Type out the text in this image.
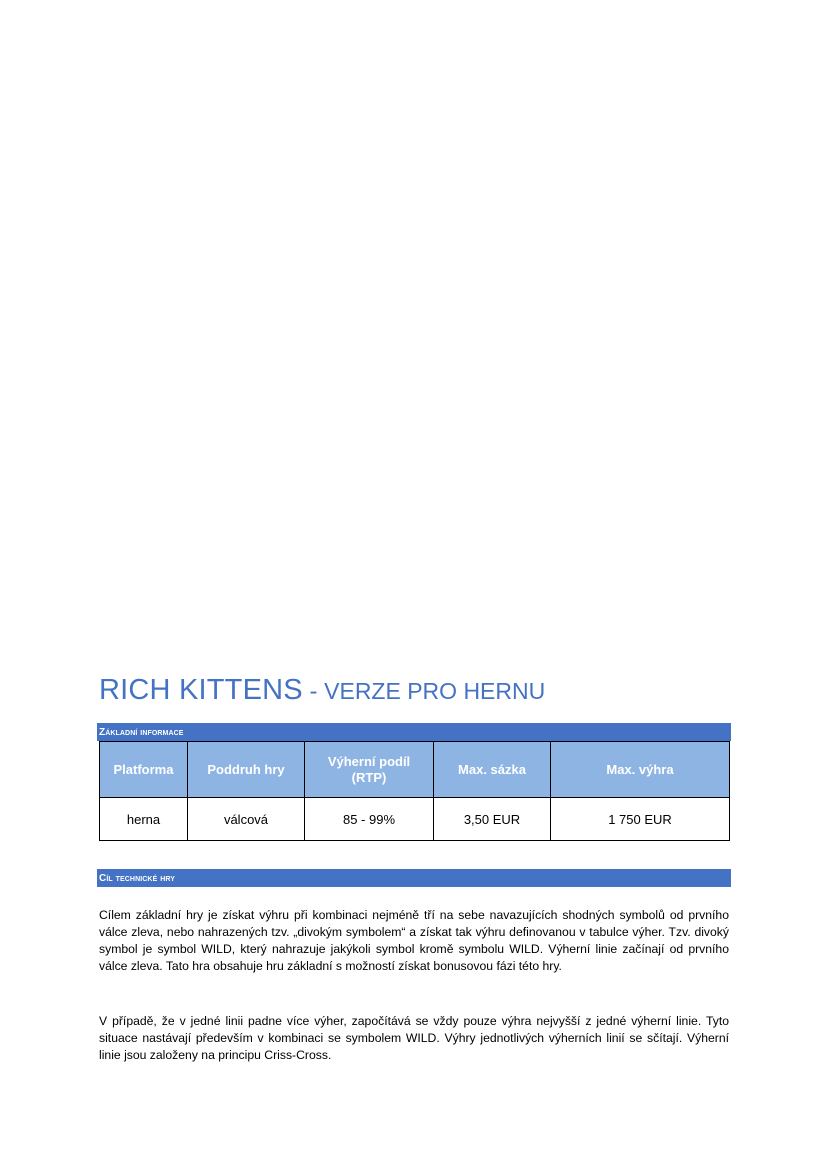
RICH KITTENS - VERZE PRO HERNU
Základní informace
Platforma	Poddruh hry	Výherní podíl (RTP)	Max. sázka	Max. výhra
herna	válcová	85 - 99%	3,50 EUR	1 750 EUR
Cíl technické hry

Cílem základní hry je získat výhru při kombinaci nejméně tří na sebe navazujících shodných symbolů od prvního válce zleva, nebo nahrazených tzv. „divokým symbolem“ a získat tak výhru definovanou v tabulce výher. Tzv. divoký symbol je symbol WILD, který nahrazuje jakýkoli symbol kromě symbolu WILD. Výherní linie začínají od prvního válce zleva. Tato hra obsahuje hru základní s možností získat bonusovou fázi této hry.

V případě, že v jedné linii padne více výher, započítává se vždy pouze výhra nejvyšší z jedné výherní linie. Tyto situace nastávají především v kombinaci se symbolem WILD. Výhry jednotlivých výherních linií se sčítají. Výherní linie jsou založeny na principu Criss-Cross.
